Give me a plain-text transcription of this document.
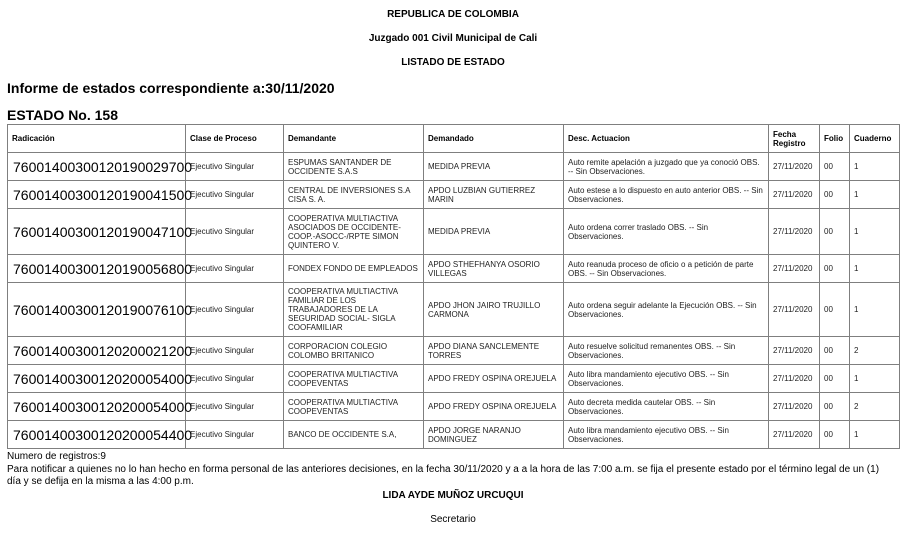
REPUBLICA DE COLOMBIA
Juzgado 001 Civil Municipal de Cali
LISTADO DE ESTADO
Informe de estados correspondiente a:30/11/2020
ESTADO No. 158
Radicación	Clase de Proceso	Demandante	Demandado	Desc. Actuacion	Fecha Registro	Folio	Cuaderno
76001400300120190029700	Ejecutivo Singular	ESPUMAS SANTANDER DE OCCIDENTE S.A.S	MEDIDA PREVIA	Auto remite apelación a juzgado que ya conoció OBS. -- Sin Observaciones.	27/11/2020	00	1
76001400300120190041500	Ejecutivo Singular	CENTRAL DE INVERSIONES S.A CISA S. A.	APDO LUZBIAN GUTIERREZ MARIN	Auto estese a lo dispuesto en auto anterior OBS. -- Sin Observaciones.	27/11/2020	00	1
76001400300120190047100	Ejecutivo Singular	COOPERATIVA MULTIACTIVA ASOCIADOS DE OCCIDENTE- COOP.-ASOCC-/RPTE SIMON QUINTERO V.	MEDIDA PREVIA	Auto ordena correr traslado OBS. -- Sin Observaciones.	27/11/2020	00	1
76001400300120190056800	Ejecutivo Singular	FONDEX FONDO DE EMPLEADOS	APDO STHEFHANYA OSORIO VILLEGAS	Auto reanuda proceso de oficio o a petición de parte OBS. -- Sin Observaciones.	27/11/2020	00	1
76001400300120190076100	Ejecutivo Singular	COOPERATIVA MULTIACTIVA FAMILIAR DE LOS TRABAJADORES DE LA SEGURIDAD SOCIAL- SIGLA COOFAMILIAR	APDO JHON JAIRO TRUJILLO CARMONA	Auto ordena seguir adelante la Ejecución OBS. -- Sin Observaciones.	27/11/2020	00	1
76001400300120200021200	Ejecutivo Singular	CORPORACION COLEGIO COLOMBO BRITANICO	APDO DIANA SANCLEMENTE TORRES	Auto resuelve solicitud remanentes OBS. -- Sin Observaciones.	27/11/2020	00	2
76001400300120200054000	Ejecutivo Singular	COOPERATIVA MULTIACTIVA COOPEVENTAS	APDO FREDY OSPINA OREJUELA	Auto libra mandamiento ejecutivo OBS. -- Sin Observaciones.	27/11/2020	00	1
76001400300120200054000	Ejecutivo Singular	COOPERATIVA MULTIACTIVA COOPEVENTAS	APDO FREDY OSPINA OREJUELA	Auto decreta medida cautelar OBS. -- Sin Observaciones.	27/11/2020	00	2
76001400300120200054400	Ejecutivo Singular	BANCO DE OCCIDENTE S.A,	APDO JORGE NARANJO DOMINGUEZ	Auto libra mandamiento ejecutivo OBS. -- Sin Observaciones.	27/11/2020	00	1
Numero de registros:9
Para notificar a quienes no lo han hecho en forma personal de las anteriores decisiones, en la fecha 30/11/2020 y a a la hora de las 7:00 a.m. se fija el presente estado por el término legal de un (1) día y se defija en la misma a las 4:00 p.m.
LIDA AYDE MUÑOZ URCUQUI
Secretario
